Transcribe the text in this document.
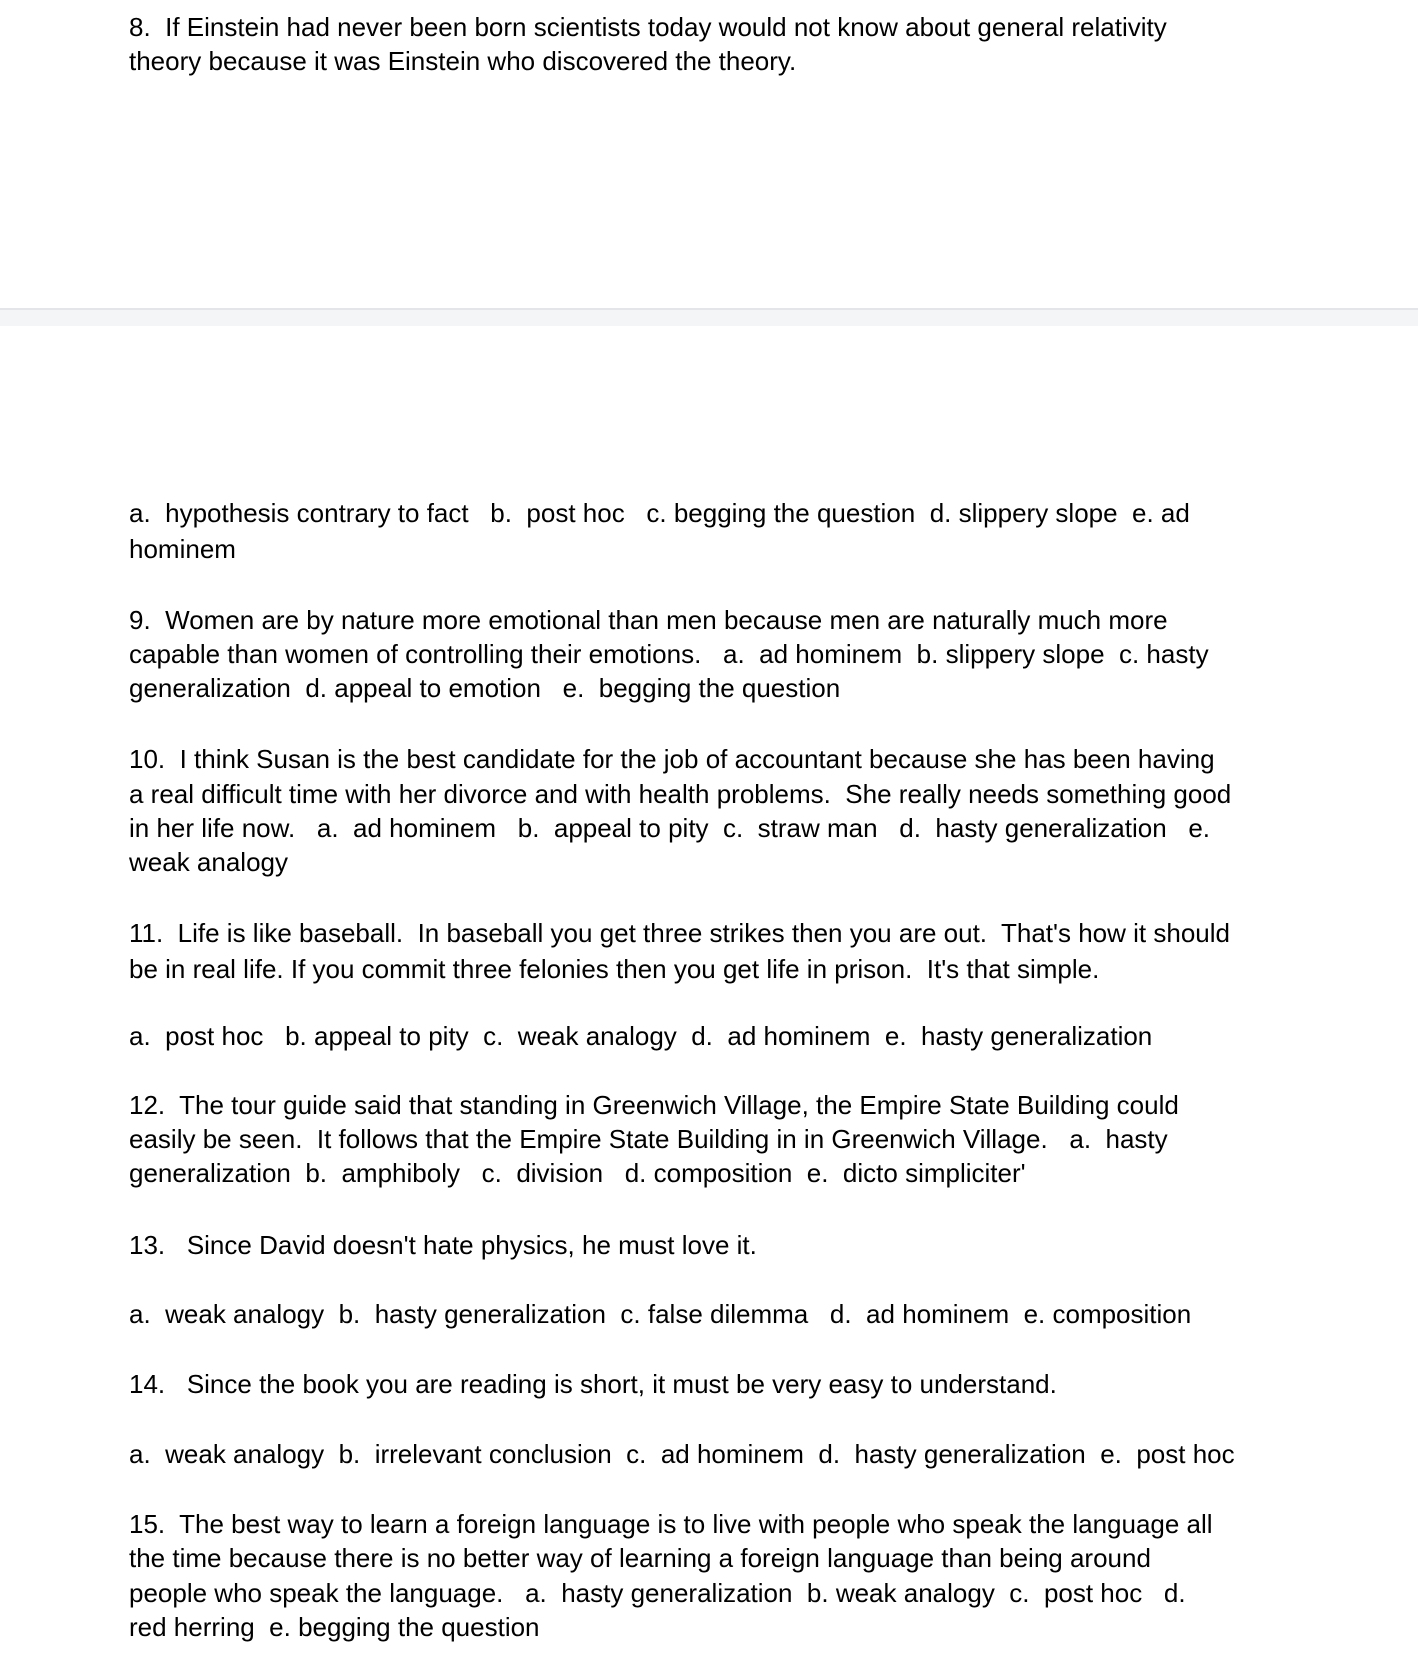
8.  If Einstein had never been born scientists today would not know about general relativity

theory because it was Einstein who discovered the theory.

a.  hypothesis contrary to fact   b.  post hoc   c. begging the question  d. slippery slope  e. ad

hominem

9.  Women are by nature more emotional than men because men are naturally much more

capable than women of controlling their emotions.   a.  ad hominem  b. slippery slope  c. hasty

generalization  d. appeal to emotion   e.  begging the question

10.  I think Susan is the best candidate for the job of accountant because she has been having

a real difficult time with her divorce and with health problems.  She really needs something good

in her life now.   a.  ad hominem   b.  appeal to pity  c.  straw man   d.  hasty generalization   e.

weak analogy

11.  Life is like baseball.  In baseball you get three strikes then you are out.  That's how it should

be in real life. If you commit three felonies then you get life in prison.  It's that simple.

a.  post hoc   b. appeal to pity  c.  weak analogy  d.  ad hominem  e.  hasty generalization

12.  The tour guide said that standing in Greenwich Village, the Empire State Building could

easily be seen.  It follows that the Empire State Building in in Greenwich Village.   a.  hasty

generalization  b.  amphiboly   c.  division   d. composition  e.  dicto simpliciter'

13.   Since David doesn't hate physics, he must love it.

a.  weak analogy  b.  hasty generalization  c. false dilemma   d.  ad hominem  e. composition

14.   Since the book you are reading is short, it must be very easy to understand.

a.  weak analogy  b.  irrelevant conclusion  c.  ad hominem  d.  hasty generalization  e.  post hoc

15.  The best way to learn a foreign language is to live with people who speak the language all

the time because there is no better way of learning a foreign language than being around

people who speak the language.   a.  hasty generalization  b. weak analogy  c.  post hoc   d.

red herring  e. begging the question
